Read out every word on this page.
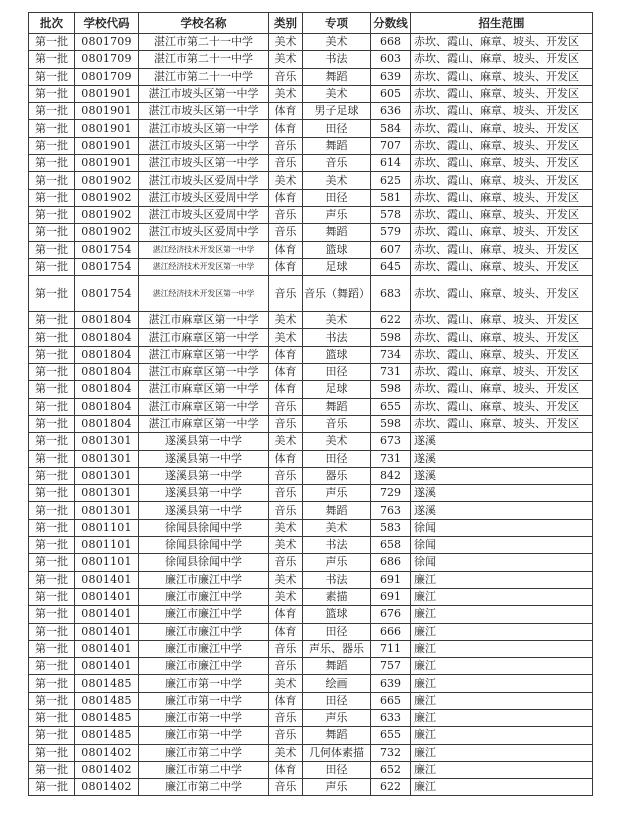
批次	学校代码	学校名称	类别	专项	分数线	招生范围
第一批	0801709	湛江市第二十一中学	美术	美术	668	赤坎、霞山、麻章、坡头、开发区
第一批	0801709	湛江市第二十一中学	美术	书法	603	赤坎、霞山、麻章、坡头、开发区
第一批	0801709	湛江市第二十一中学	音乐	舞蹈	639	赤坎、霞山、麻章、坡头、开发区
第一批	0801901	湛江市坡头区第一中学	美术	美术	605	赤坎、霞山、麻章、坡头、开发区
第一批	0801901	湛江市坡头区第一中学	体育	男子足球	636	赤坎、霞山、麻章、坡头、开发区
第一批	0801901	湛江市坡头区第一中学	体育	田径	584	赤坎、霞山、麻章、坡头、开发区
第一批	0801901	湛江市坡头区第一中学	音乐	舞蹈	707	赤坎、霞山、麻章、坡头、开发区
第一批	0801901	湛江市坡头区第一中学	音乐	音乐	614	赤坎、霞山、麻章、坡头、开发区
第一批	0801902	湛江市坡头区爱周中学	美术	美术	625	赤坎、霞山、麻章、坡头、开发区
第一批	0801902	湛江市坡头区爱周中学	体育	田径	581	赤坎、霞山、麻章、坡头、开发区
第一批	0801902	湛江市坡头区爱周中学	音乐	声乐	578	赤坎、霞山、麻章、坡头、开发区
第一批	0801902	湛江市坡头区爱周中学	音乐	舞蹈	579	赤坎、霞山、麻章、坡头、开发区
第一批	0801754	湛江经济技术开发区第一中学	体育	篮球	607	赤坎、霞山、麻章、坡头、开发区
第一批	0801754	湛江经济技术开发区第一中学	体育	足球	645	赤坎、霞山、麻章、坡头、开发区
第一批	0801754	湛江经济技术开发区第一中学	音乐	音乐（舞蹈）	683	赤坎、霞山、麻章、坡头、开发区
第一批	0801804	湛江市麻章区第一中学	美术	美术	622	赤坎、霞山、麻章、坡头、开发区
第一批	0801804	湛江市麻章区第一中学	美术	书法	598	赤坎、霞山、麻章、坡头、开发区
第一批	0801804	湛江市麻章区第一中学	体育	篮球	734	赤坎、霞山、麻章、坡头、开发区
第一批	0801804	湛江市麻章区第一中学	体育	田径	731	赤坎、霞山、麻章、坡头、开发区
第一批	0801804	湛江市麻章区第一中学	体育	足球	598	赤坎、霞山、麻章、坡头、开发区
第一批	0801804	湛江市麻章区第一中学	音乐	舞蹈	655	赤坎、霞山、麻章、坡头、开发区
第一批	0801804	湛江市麻章区第一中学	音乐	音乐	598	赤坎、霞山、麻章、坡头、开发区
第一批	0801301	遂溪县第一中学	美术	美术	673	遂溪
第一批	0801301	遂溪县第一中学	体育	田径	731	遂溪
第一批	0801301	遂溪县第一中学	音乐	器乐	842	遂溪
第一批	0801301	遂溪县第一中学	音乐	声乐	729	遂溪
第一批	0801301	遂溪县第一中学	音乐	舞蹈	763	遂溪
第一批	0801101	徐闻县徐闻中学	美术	美术	583	徐闻
第一批	0801101	徐闻县徐闻中学	美术	书法	658	徐闻
第一批	0801101	徐闻县徐闻中学	音乐	声乐	686	徐闻
第一批	0801401	廉江市廉江中学	美术	书法	691	廉江
第一批	0801401	廉江市廉江中学	美术	素描	691	廉江
第一批	0801401	廉江市廉江中学	体育	篮球	676	廉江
第一批	0801401	廉江市廉江中学	体育	田径	666	廉江
第一批	0801401	廉江市廉江中学	音乐	声乐、器乐	711	廉江
第一批	0801401	廉江市廉江中学	音乐	舞蹈	757	廉江
第一批	0801485	廉江市第一中学	美术	绘画	639	廉江
第一批	0801485	廉江市第一中学	体育	田径	665	廉江
第一批	0801485	廉江市第一中学	音乐	声乐	633	廉江
第一批	0801485	廉江市第一中学	音乐	舞蹈	655	廉江
第一批	0801402	廉江市第二中学	美术	几何体素描	732	廉江
第一批	0801402	廉江市第二中学	体育	田径	652	廉江
第一批	0801402	廉江市第二中学	音乐	声乐	622	廉江
